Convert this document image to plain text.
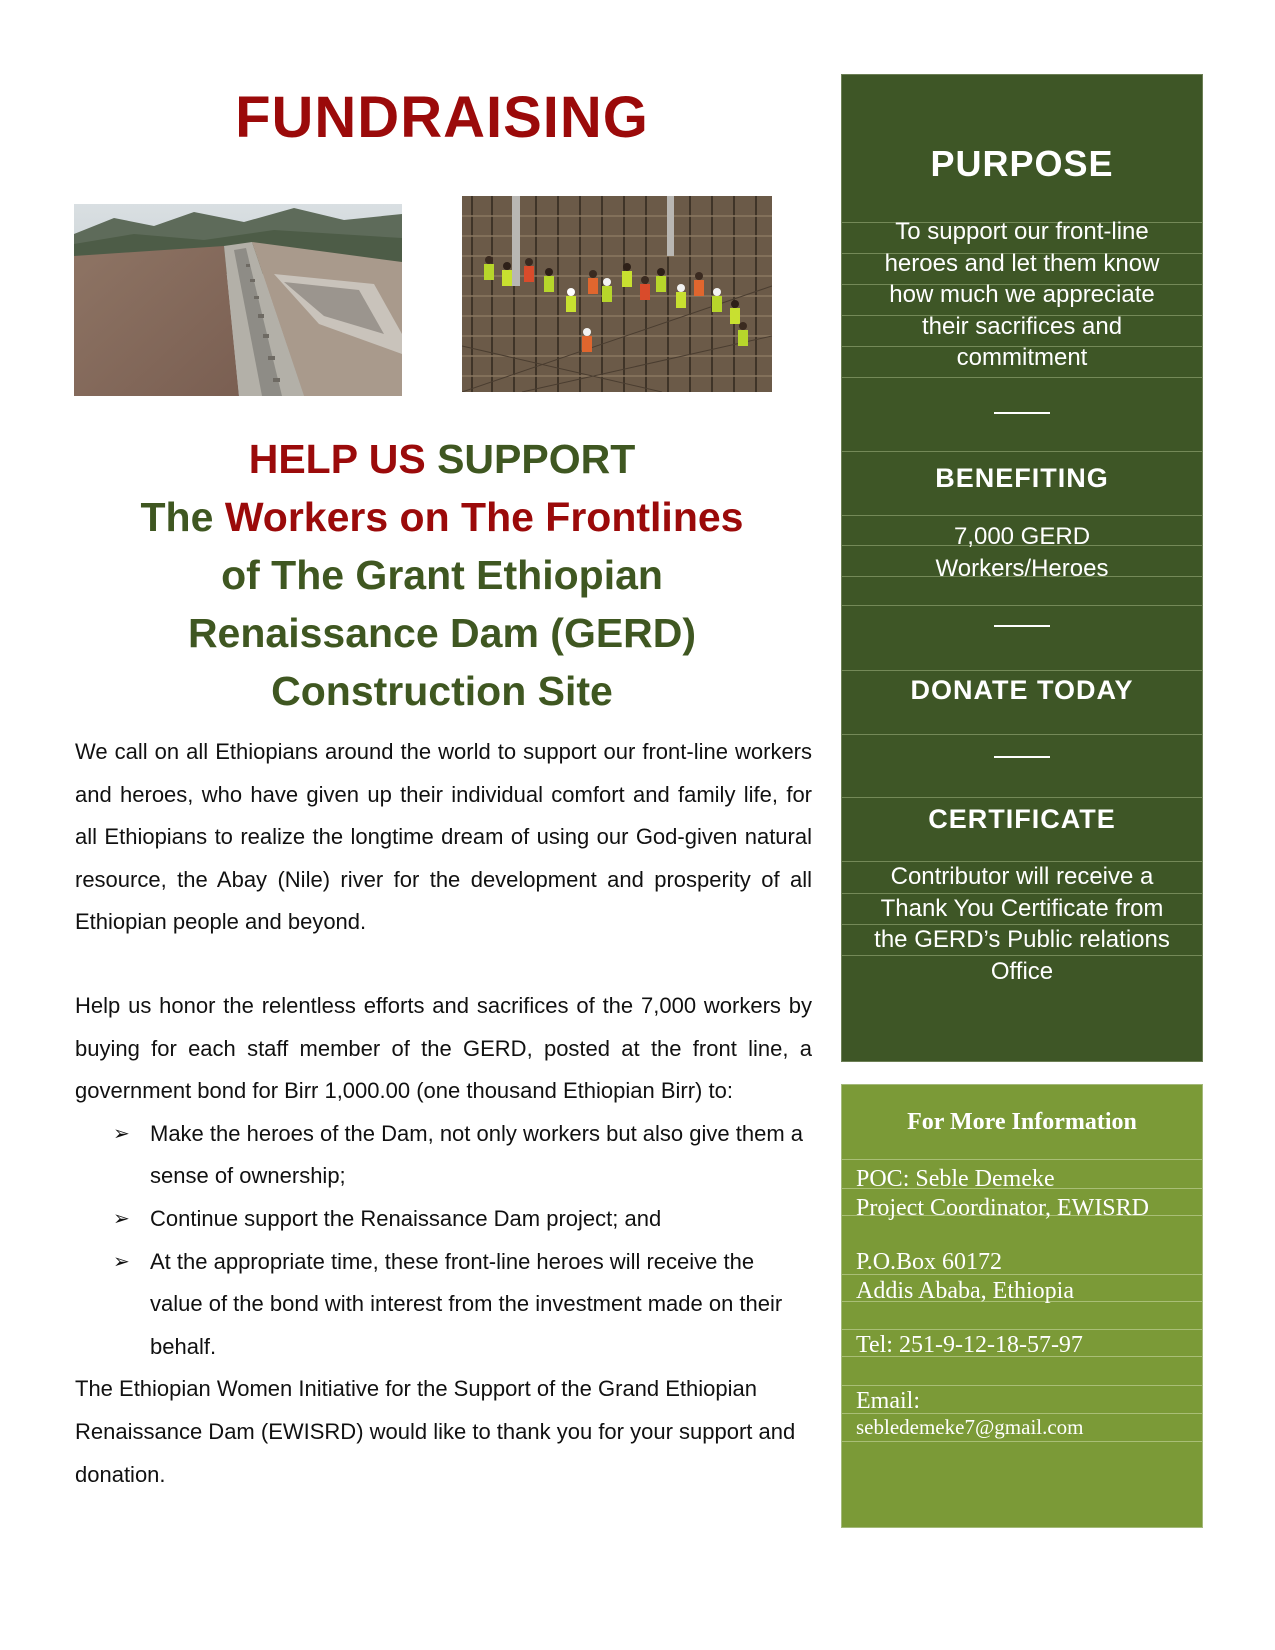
FUNDRAISING
HELP US SUPPORT
The Workers on The Frontlines
of The Grant Ethiopian
Renaissance Dam (GERD)
Construction Site

We call on all Ethiopians around the world to support our front-line workers and heroes, who have given up their individual comfort and family life, for all Ethiopians to realize the longtime dream of using our God-given natural resource, the Abay (Nile) river for the development and prosperity of all Ethiopian people and beyond.

Help us honor the relentless efforts and sacrifices of the 7,000 workers by buying for each staff member of the GERD, posted at the front line, a government bond for Birr 1,000.00 (one thousand Ethiopian Birr) to:

➢ Make the heroes of the Dam, not only workers but also give them a sense of ownership;
➢ Continue support the Renaissance Dam project; and
➢ At the appropriate time, these front-line heroes will receive the value of the bond with interest from the investment made on their behalf.

The Ethiopian Women Initiative for the Support of the Grand Ethiopian Renaissance Dam (EWISRD) would like to thank you for your support and donation.

PURPOSE
To support our front-line heroes and let them know how much we appreciate their sacrifices and commitment
BENEFITING
7,000 GERD
Workers/Heroes
DONATE TODAY
CERTIFICATE
Contributor will receive a Thank You Certificate from the GERD’s Public relations Office
For More Information
POC: Seble Demeke
Project Coordinator, EWISRD
P.O.Box 60172
Addis Ababa, Ethiopia
Tel: 251-9-12-18-57-97
Email:
sebledemeke7@gmail.com
